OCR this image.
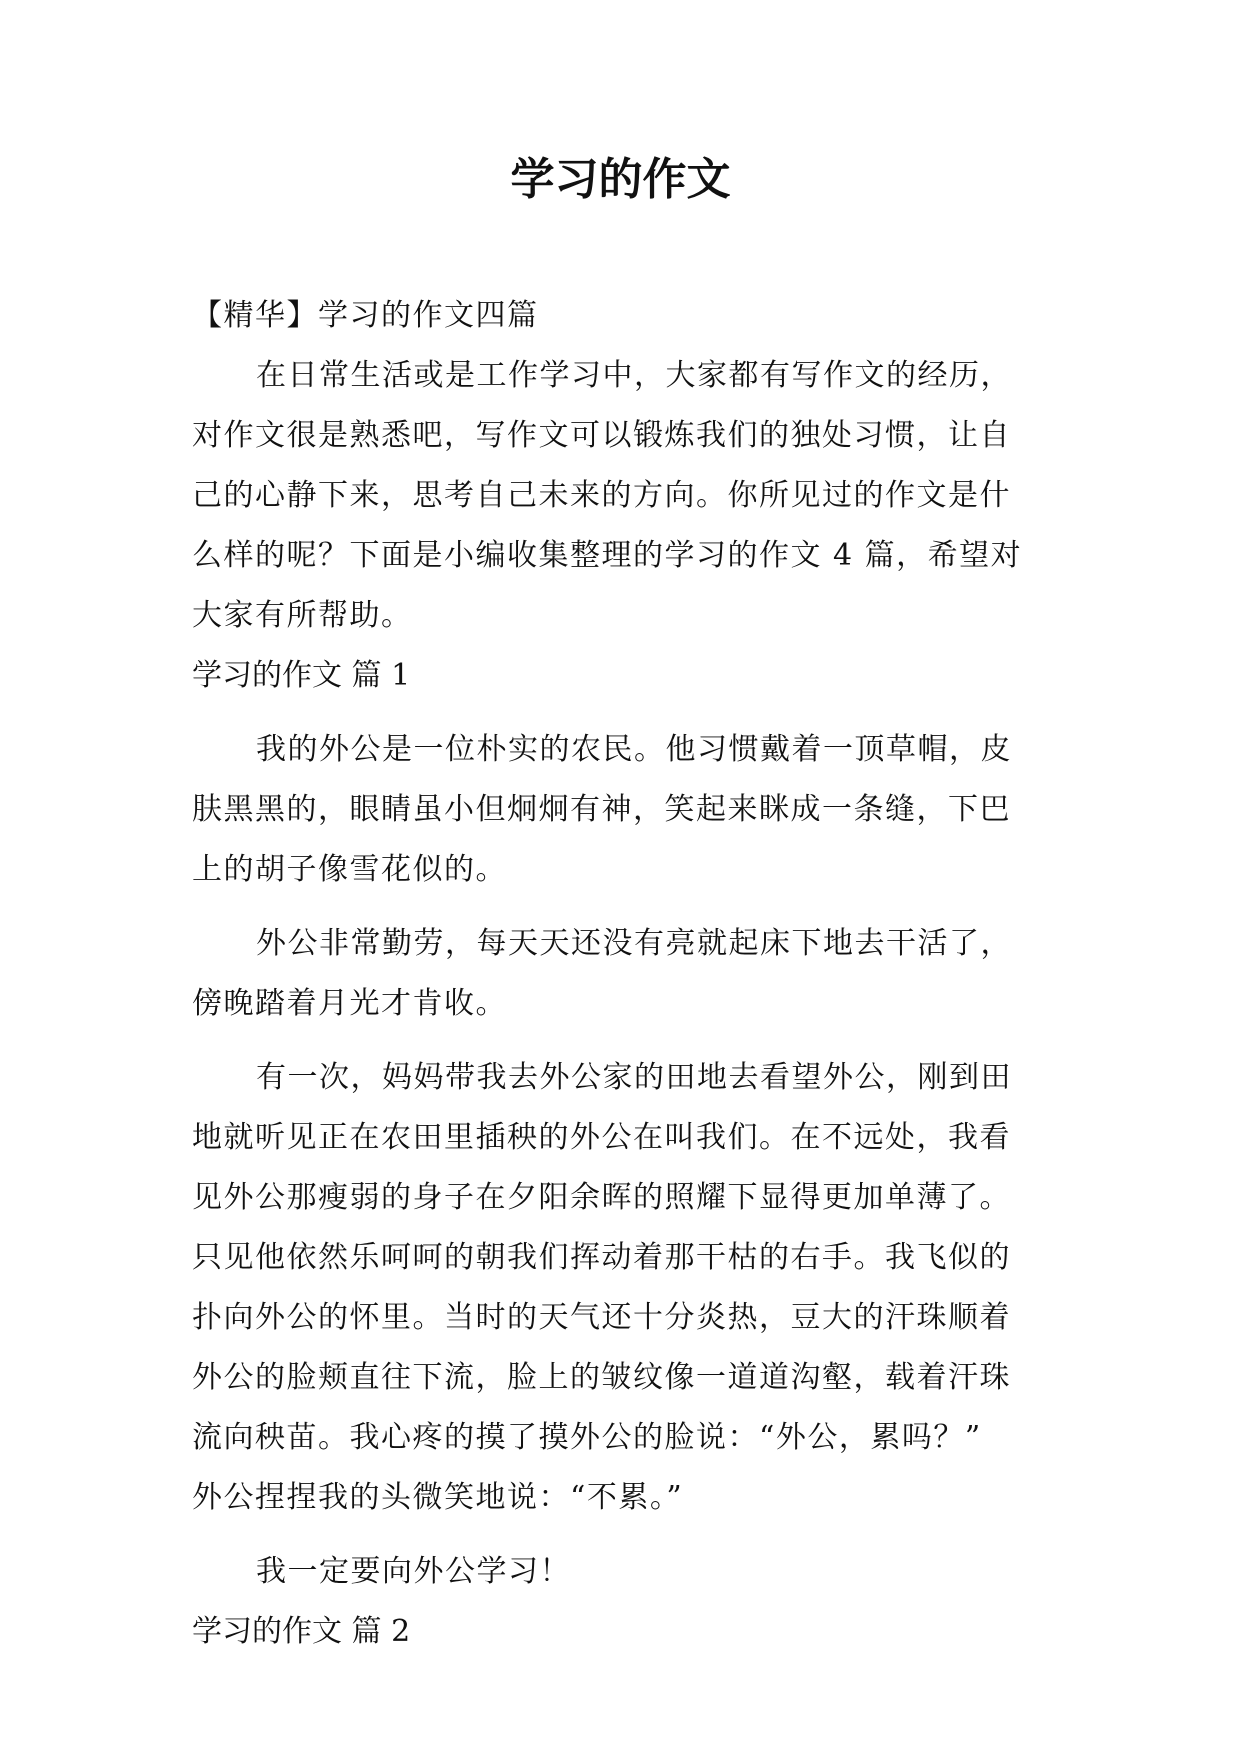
学习的作文

【精华】学习的作文四篇

在日常生活或是工作学习中，大家都有写作文的经历，

对作文很是熟悉吧，写作文可以锻炼我们的独处习惯，让自

己的心静下来，思考自己未来的方向。你所见过的作文是什

么样的呢？下面是小编收集整理的学习的作文 4 篇，希望对

大家有所帮助。

学习的作文 篇 1

我的外公是一位朴实的农民。他习惯戴着一顶草帽，皮

肤黑黑的，眼睛虽小但炯炯有神，笑起来眯成一条缝，下巴

上的胡子像雪花似的。

外公非常勤劳，每天天还没有亮就起床下地去干活了，

傍晚踏着月光才肯收。

有一次，妈妈带我去外公家的田地去看望外公，刚到田

地就听见正在农田里插秧的外公在叫我们。在不远处，我看

见外公那瘦弱的身子在夕阳余晖的照耀下显得更加单薄了。

只见他依然乐呵呵的朝我们挥动着那干枯的右手。我飞似的

扑向外公的怀里。当时的天气还十分炎热，豆大的汗珠顺着

外公的脸颊直往下流，脸上的皱纹像一道道沟壑，载着汗珠

流向秧苗。我心疼的摸了摸外公的脸说：“外公，累吗？”

外公捏捏我的头微笑地说：“不累。”

我一定要向外公学习！

学习的作文 篇 2
